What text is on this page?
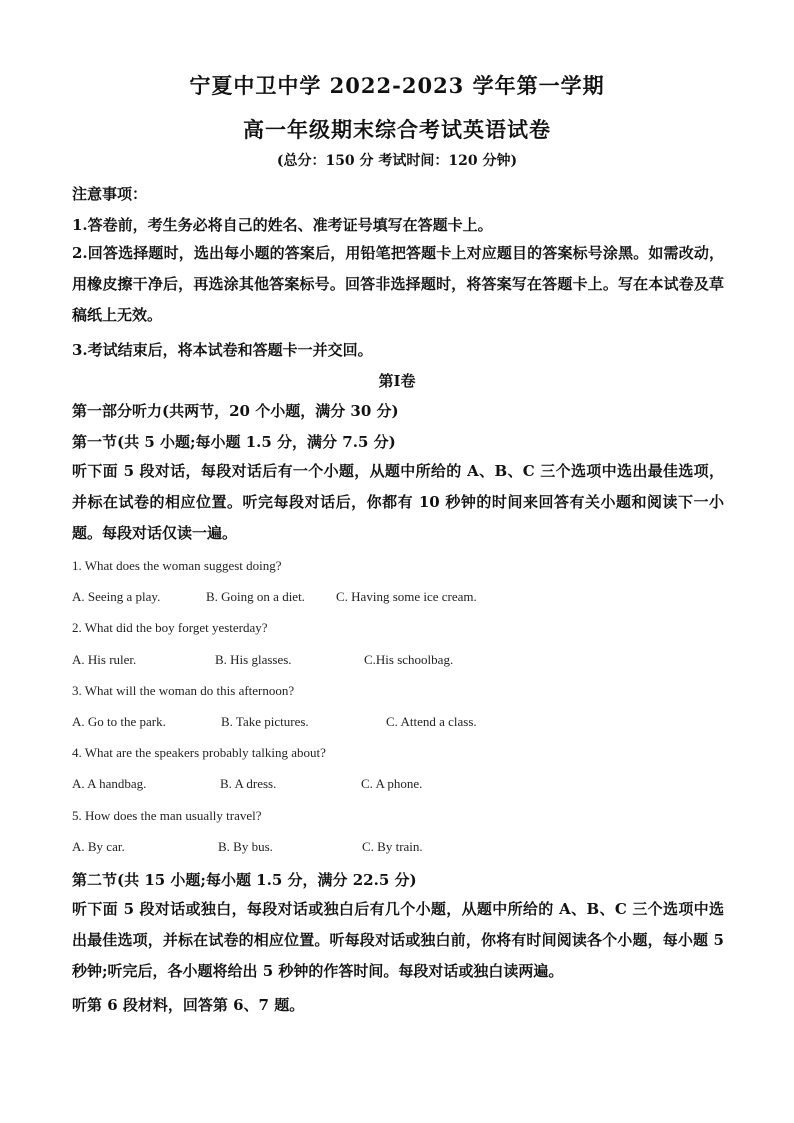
宁夏中卫中学 2022-2023 学年第一学期
高一年级期末综合考试英语试卷
(总分：150 分 考试时间：120 分钟)
注意事项：
1.答卷前，考生务必将自己的姓名、准考证号填写在答题卡上。
2.回答选择题时，选出每小题的答案后，用铅笔把答题卡上对应题目的答案标号涂黑。如需改动，用橡皮擦干净后，再选涂其他答案标号。回答非选择题时，将答案写在答题卡上。写在本试卷及草稿纸上无效。
3.考试结束后，将本试卷和答题卡一并交回。
第Ⅰ卷
第一部分听力(共两节，20 个小题，满分 30 分)
第一节(共 5 小题;每小题 1.5 分，满分 7.5 分)
听下面 5 段对话，每段对话后有一个小题，从题中所给的 A、B、C 三个选项中选出最佳选项，并标在试卷的相应位置。听完每段对话后，你都有 10 秒钟的时间来回答有关小题和阅读下一小题。每段对话仅读一遍。
1. What does the woman suggest doing?
A. Seeing a play.	B. Going on a diet. C. Having some ice cream.
2. What did the boy forget yesterday?
A. His ruler.	B. His glasses.	C.His schoolbag.
3. What will the woman do this afternoon?
A. Go to the park.	B. Take pictures.	C. Attend a class.
4. What are the speakers probably talking about?
A. A handbag.	B. A dress.	C. A phone.
5. How does the man usually travel?
A. By car.	B. By bus.	C. By train.
第二节(共 15 小题;每小题 1.5 分，满分 22.5 分)
听下面 5 段对话或独白，每段对话或独白后有几个小题，从题中所给的 A、B、C 三个选项中选出最佳选项，并标在试卷的相应位置。听每段对话或独白前，你将有时间阅读各个小题，每小题 5 秒钟;听完后，各小题将给出 5 秒钟的作答时间。每段对话或独白读两遍。
听第 6 段材料，回答第 6、7 题。
